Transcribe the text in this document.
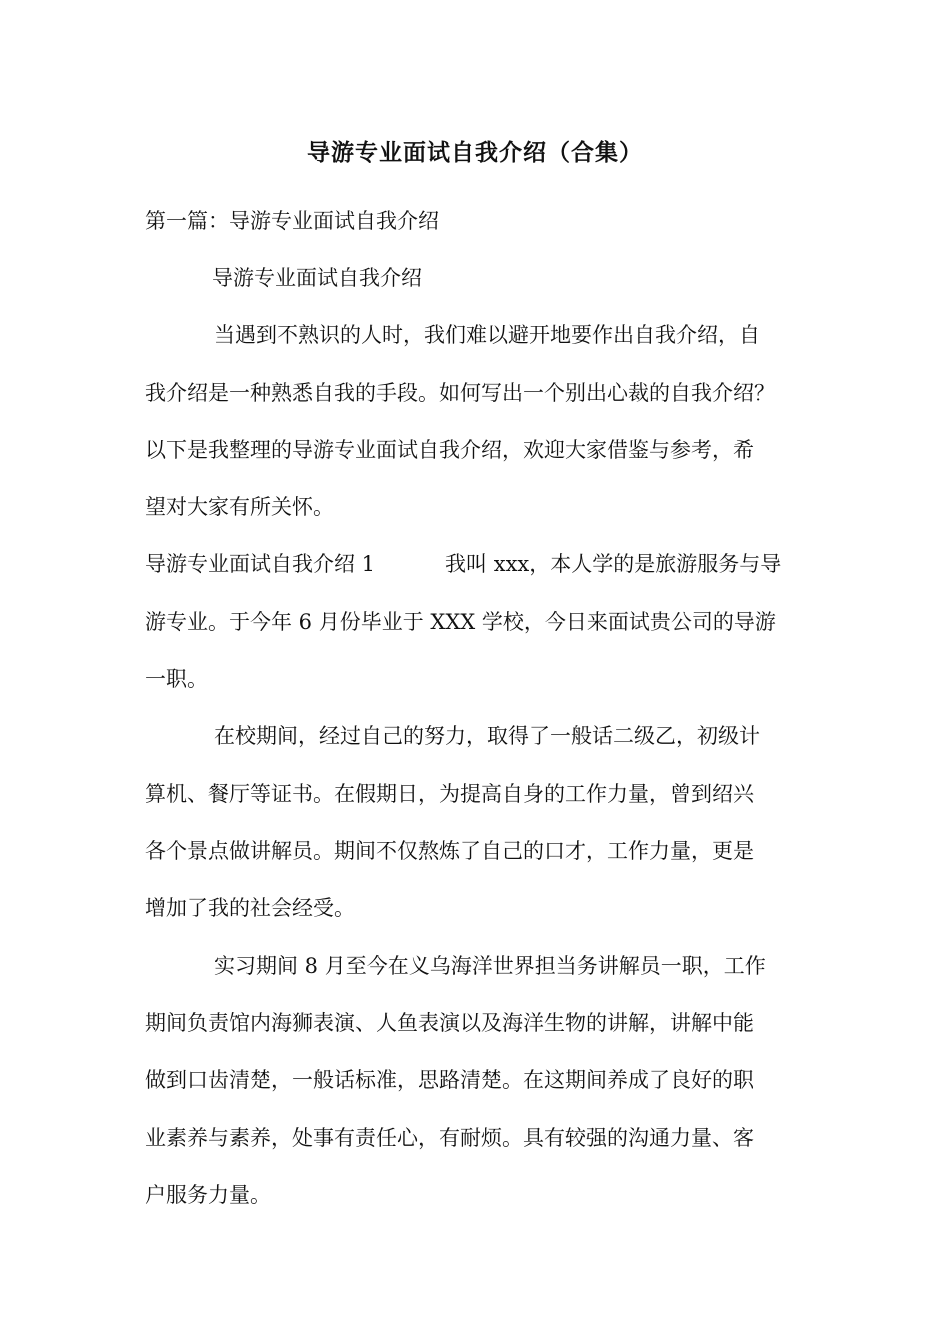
导游专业面试自我介绍（合集）
第一篇：导游专业面试自我介绍
导游专业面试自我介绍
当遇到不熟识的人时，我们难以避开地要作出自我介绍，自
我介绍是一种熟悉自我的手段。如何写出一个别出心裁的自我介绍？
以下是我整理的导游专业面试自我介绍，欢迎大家借鉴与参考，希
望对大家有所关怀。
导游专业面试自我介绍 1	我叫 xxx，本人学的是旅游服务与导
游专业。于今年 6 月份毕业于 XXX 学校，今日来面试贵公司的导游
一职。
在校期间，经过自己的努力，取得了一般话二级乙，初级计
算机、餐厅等证书。在假期日，为提高自身的工作力量，曾到绍兴
各个景点做讲解员。期间不仅熬炼了自己的口才，工作力量，更是
增加了我的社会经受。
实习期间 8 月至今在义乌海洋世界担当务讲解员一职，工作
期间负责馆内海狮表演、人鱼表演以及海洋生物的讲解，讲解中能
做到口齿清楚，一般话标准，思路清楚。在这期间养成了良好的职
业素养与素养，处事有责任心，有耐烦。具有较强的沟通力量、客
户服务力量。
